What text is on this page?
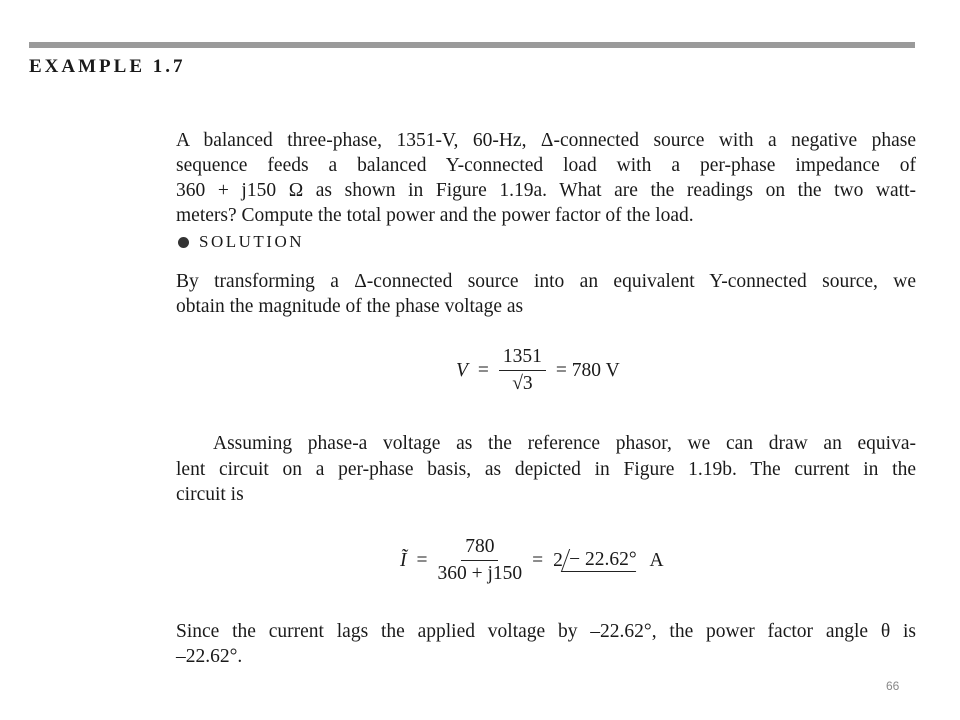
EXAMPLE 1.7
A balanced three-phase, 1351-V, 60-Hz, Δ-connected source with a negative phase
sequence feeds a balanced Y-connected load with a per-phase impedance of
360 + j150 Ω as shown in Figure 1.19a. What are the readings on the two watt-
meters? Compute the total power and the power factor of the load.
SOLUTION
By transforming a Δ-connected source into an equivalent Y-connected source, we
obtain the magnitude of the phase voltage as
$V = \frac{1351}{√3} = 780$ V
Assuming phase-a voltage as the reference phasor, we can draw an equiva-
lent circuit on a per-phase basis, as depicted in Figure 1.19b. The current in the
circuit is
Ĩ = $\frac{780}{360 + j150} = 2 - 22.62^\circ$ A
Since the current lags the applied voltage by –22.62°, the power factor angle θ is
–22.62°.
66
